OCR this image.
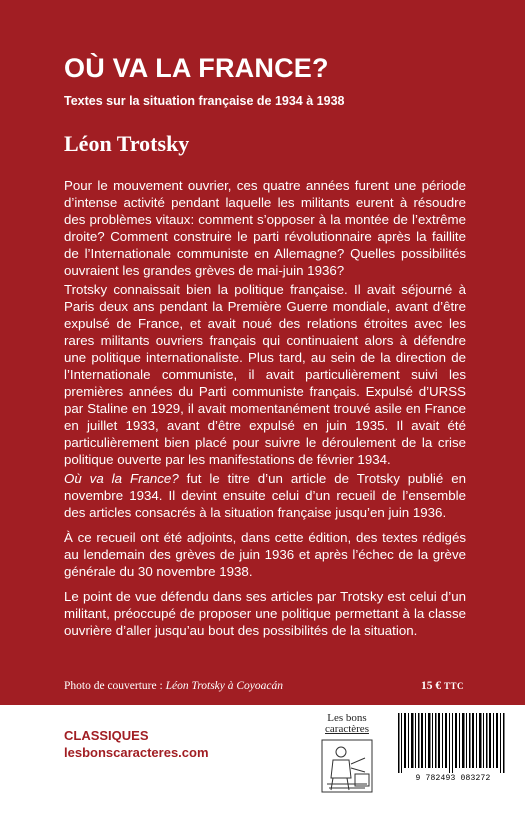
OÙ VA LA FRANCE?
Textes sur la situation française de 1934 à 1938
Léon Trotsky

Pour le mouvement ouvrier, ces quatre années furent une période d’intense activité pendant laquelle les militants eurent à résoudre des problèmes vitaux: comment s’opposer à la montée de l’extrême droite? Comment construire le parti révolutionnaire après la faillite de l’Internationale communiste en Allemagne? Quelles possibilités ouvraient les grandes grèves de mai-juin 1936?

Trotsky connaissait bien la politique française. Il avait séjourné à Paris deux ans pendant la Première Guerre mondiale, avant d’être expulsé de France, et avait noué des relations étroites avec les rares militants ouvriers français qui continuaient alors à défendre une politique internationaliste. Plus tard, au sein de la direction de l’Internationale communiste, il avait particulièrement suivi les premières années du Parti communiste français. Expulsé d’URSS par Staline en 1929, il avait momentanément trouvé asile en France en juillet 1933, avant d’être expulsé en juin 1935. Il avait été particulièrement bien placé pour suivre le déroulement de la crise politique ouverte par les manifestations de février 1934.

Où va la France? fut le titre d’un article de Trotsky publié en novembre 1934. Il devint ensuite celui d’un recueil de l’ensemble des articles consacrés à la situation française jusqu’en juin 1936.

À ce recueil ont été adjoints, dans cette édition, des textes rédigés au lendemain des grèves de juin 1936 et après l’échec de la grève générale du 30 novembre 1938.

Le point de vue défendu dans ses articles par Trotsky est celui d’un militant, préoccupé de proposer une politique permettant à la classe ouvrière d’aller jusqu’au bout des possibilités de la situation.

Photo de couverture : Léon Trotsky à Coyoacán	15 € TTC
CLASSIQUES
lesbonscaracteres.com
Les bons
caractères
9 782493 083272
